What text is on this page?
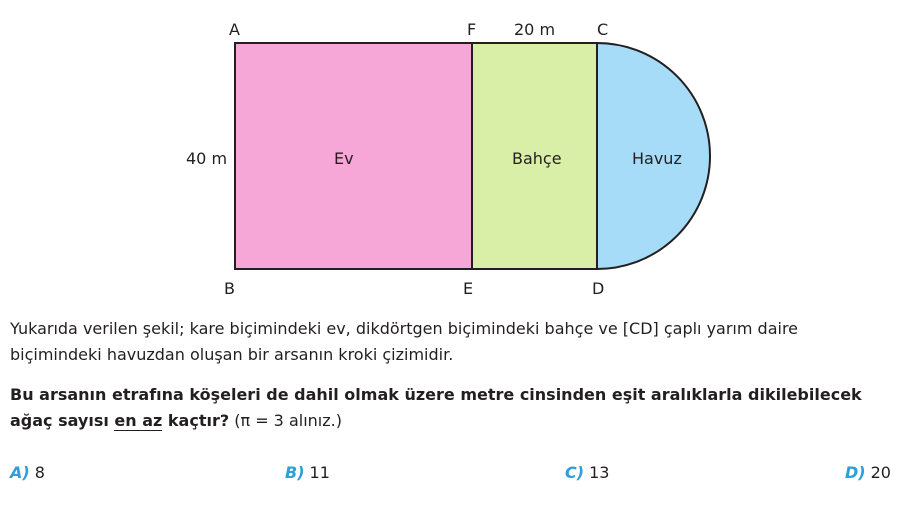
A	F 20 m	C
40 m	Ev	Bahçe	Havuz
B	E	D

Yukarıda verilen şekil; kare biçimindeki ev, dikdörtgen biçimindeki bahçe ve [CD] çaplı yarım daire biçimindeki havuzdan oluşan bir arsanın kroki çizimidir.

Bu arsanın etrafına köşeleri de dahil olmak üzere metre cinsinden eşit aralıklarla dikilebilecek ağaç sayısı en az kaçtır? (π = 3 alınız.)

A) 8	B) 11	C) 13	D) 20
